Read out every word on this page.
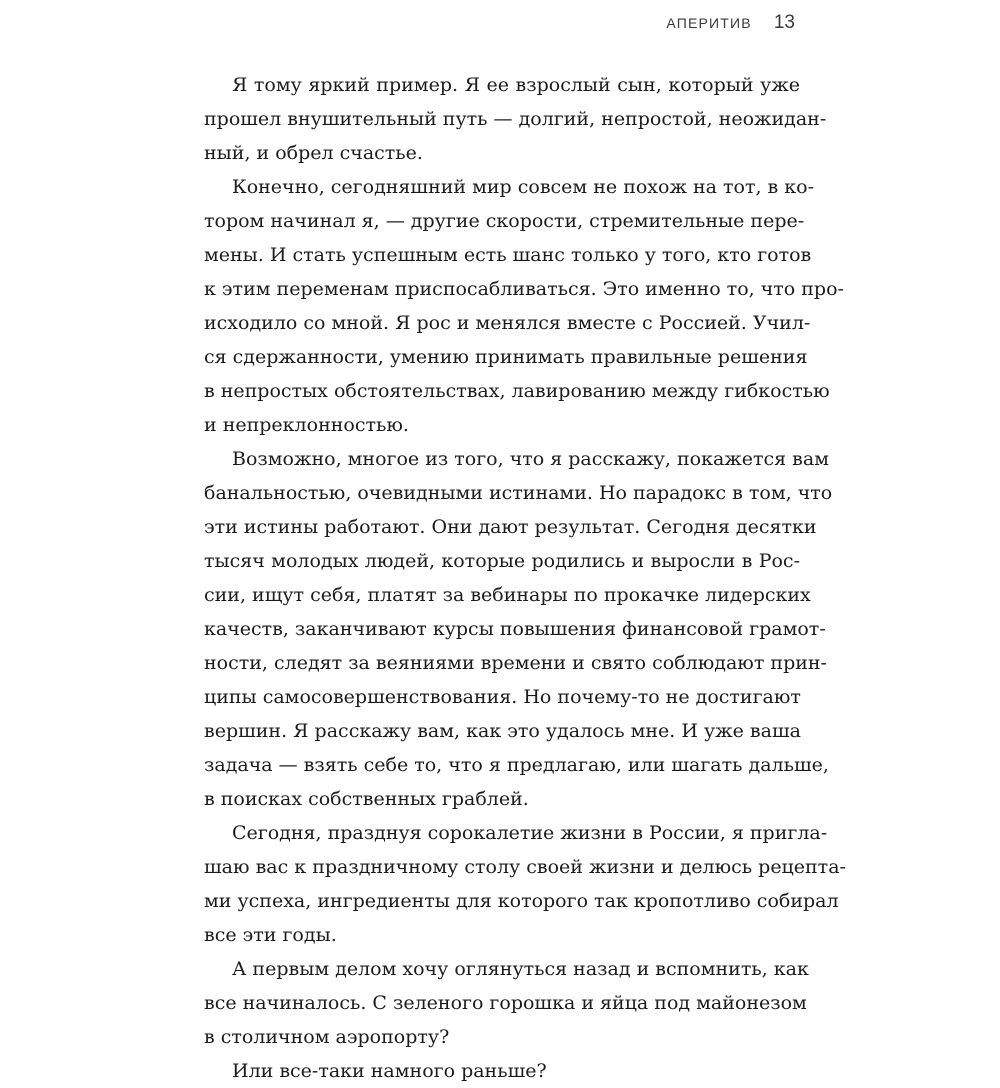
АПЕРИТИВ 13
Я тому яркий пример. Я ее взрослый сын, который уже
прошел внушительный путь — долгий, непростой, неожидан-
ный, и обрел счастье.
Конечно, сегодняшний мир совсем не похож на тот, в ко-
тором начинал я, — другие скорости, стремительные пере-
мены. И стать успешным есть шанс только у того, кто готов
к этим переменам приспосабливаться. Это именно то, что про-
исходило со мной. Я рос и менялся вместе с Россией. Учил-
ся сдержанности, умению принимать правильные решения
в непростых обстоятельствах, лавированию между гибкостью
и непреклонностью.
Возможно, многое из того, что я расскажу, покажется вам
банальностью, очевидными истинами. Но парадокс в том, что
эти истины работают. Они дают результат. Сегодня десятки
тысяч молодых людей, которые родились и выросли в Рос-
сии, ищут себя, платят за вебинары по прокачке лидерских
качеств, заканчивают курсы повышения финансовой грамот-
ности, следят за веяниями времени и свято соблюдают прин-
ципы самосовершенствования. Но почему-то не достигают
вершин. Я расскажу вам, как это удалось мне. И уже ваша
задача — взять себе то, что я предлагаю, или шагать дальше,
в поисках собственных граблей.
Сегодня, празднуя сорокалетие жизни в России, я пригла-
шаю вас к праздничному столу своей жизни и делюсь рецепта-
ми успеха, ингредиенты для которого так кропотливо собирал
все эти годы.
А первым делом хочу оглянуться назад и вспомнить, как
все начиналось. С зеленого горошка и яйца под майонезом
в столичном аэропорту?
Или все-таки намного раньше?
